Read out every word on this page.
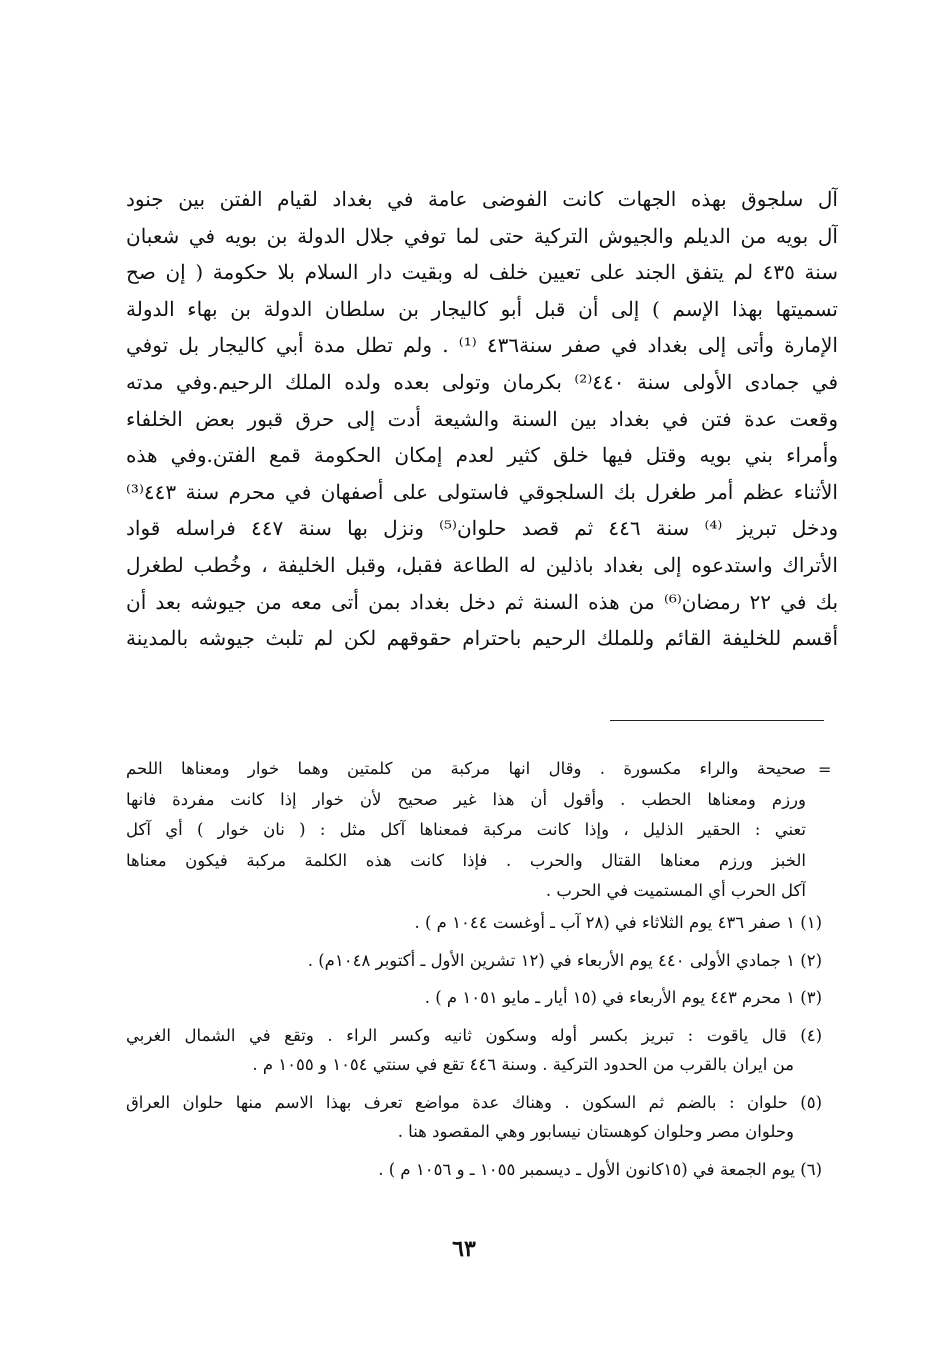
آل سلجوق بهذه الجهات كانت الفوضى عامة في بغداد لقيام الفتن بين جنود
آل بويه من الديلم والجيوش التركية حتى لما توفي جلال الدولة بن بويه في شعبان
سنة ٤٣٥ لم يتفق الجند على تعيين خلف له وبقيت دار السلام بلا حكومة ( إن صح
تسميتها بهذا الإسم ) إلى أن قبل أبو كاليجار بن سلطان الدولة بن بهاء الدولة
الإمارة وأتى إلى بغداد في صفر سنة٤٣٦ ⁽¹⁾ . ولم تطل مدة أبي كاليجار بل توفي
في جمادى الأولى سنة ٤٤٠⁽²⁾ بكرمان وتولى بعده ولده الملك الرحيم.وفي مدته
وقعت عدة فتن في بغداد بين السنة والشيعة أدت إلى حرق قبور بعض الخلفاء
وأمراء بني بويه وقتل فيها خلق كثير لعدم إمكان الحكومة قمع الفتن.وفي هذه
الأثناء عظم أمر طغرل بك السلجوقي فاستولى على أصفهان في محرم سنة ٤٤٣⁽³⁾
ودخل تبريز ⁽⁴⁾ سنة ٤٤٦ ثم قصد حلوان⁽⁵⁾ ونزل بها سنة ٤٤٧ فراسله قواد
الأتراك واستدعوه إلى بغداد باذلين له الطاعة فقبل، وقبل الخليفة ، وخُطب لطغرل
بك في ٢٢ رمضان⁽⁶⁾ من هذه السنة ثم دخل بغداد بمن أتى معه من جيوشه بعد أن
أقسم للخليفة القائم وللملك الرحيم باحترام حقوقهم لكن لم تلبث جيوشه بالمدينة
=
صحيحة والراء مكسورة . وقال انها مركبة من كلمتين وهما خوار ومعناها اللحم
ورزم ومعناها الحطب . وأقول أن هذا غير صحيح لأن خوار إذا كانت مفردة فانها
تعني : الحقير الذليل ، وإذا كانت مركبة فمعناها آكل مثل : ( نان خوار ) أي آكل
الخبز ورزم معناها القتال والحرب . فإذا كانت هذه الكلمة مركبة فيكون معناها
آكل الحرب أي المستميت في الحرب .
(١) ١ صفر ٤٣٦ يوم الثلاثاء في (٢٨ آب ـ أوغست ١٠٤٤ م ) .
(٢) ١ جمادي الأولى ٤٤٠ يوم الأربعاء في (١٢ تشرين الأول ـ أكتوبر ١٠٤٨م) .
(٣) ١ محرم ٤٤٣ يوم الأربعاء في (١٥ أيار ـ مايو ١٠٥١ م ) .
(٤) قال ياقوت : تبريز بكسر أوله وسكون ثانيه وكسر الراء . وتقع في الشمال الغربي
من ايران بالقرب من الحدود التركية . وسنة ٤٤٦ تقع في سنتي ١٠٥٤ و ١٠٥٥ م .
(٥) حلوان : بالضم ثم السكون . وهناك عدة مواضع تعرف بهذا الاسم منها حلوان العراق
وحلوان مصر وحلوان كوهستان نيسابور وهي المقصود هنا .
(٦) يوم الجمعة في (١٥كانون الأول ـ ديسمبر ١٠٥٥ ـ و ١٠٥٦ م ) .
٦٣
